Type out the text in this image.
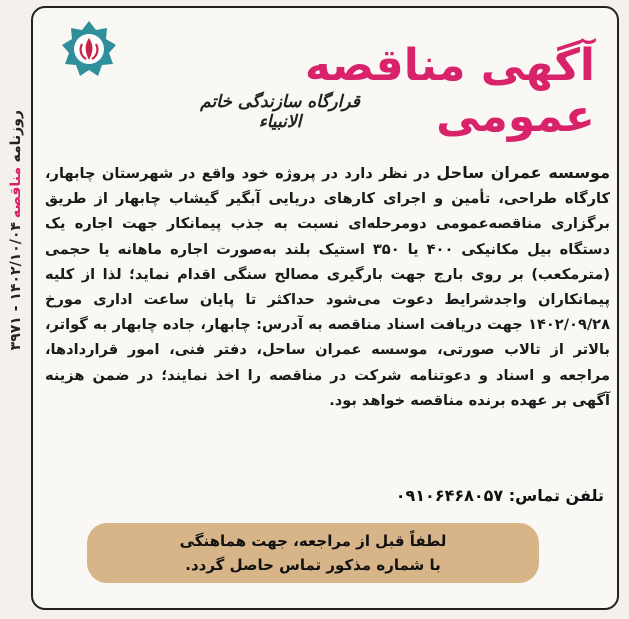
روزنامه
مناقصه
۳۹۷۱ - ۱۴۰۲/۱۰/۰۴
آگهی مناقصه عمومی
قرارگاه سازندگی خاتم الانبیاء
موسسه عمران ساحل در نظر دارد در پروژه خود واقع در شهرستان چابهار، کارگاه طراحی، تأمین و اجرای کارهای دریایی آبگیر گیشاب چابهار از طریق برگزاری مناقصه‌عمومی دومرحله‌ای نسبت به جذب پیمانکار جهت اجاره یک دستگاه بیل مکانیکی ۴۰۰ یا ۳۵۰ استیک بلند به‌صورت اجاره ماهانه یا حجمی (مترمکعب) بر روی بارج جهت بارگیری مصالح سنگی اقدام نماید؛ لذا از کلیه پیمانکاران واجدشرایط دعوت می‌شود حداکثر تا پایان ساعت اداری مورخ ۱۴۰۲/۰۹/۲۸ جهت دریافت اسناد مناقصه به آدرس: چابهار، جاده چابهار به گواتر، بالاتر از تالاب صورتی، موسسه عمران ساحل، دفتر فنی، امور قراردادها، مراجعه و اسناد و دعوتنامه شرکت در مناقصه را اخذ نمایند؛ در ضمن هزینه آگهی بر عهده برنده مناقصه خواهد بود.
تلفن تماس: ۰۹۱۰۶۴۶۸۰۵۷
لطفاً قبل از مراجعه، جهت هماهنگی
با شماره مذکور تماس حاصل گردد.
